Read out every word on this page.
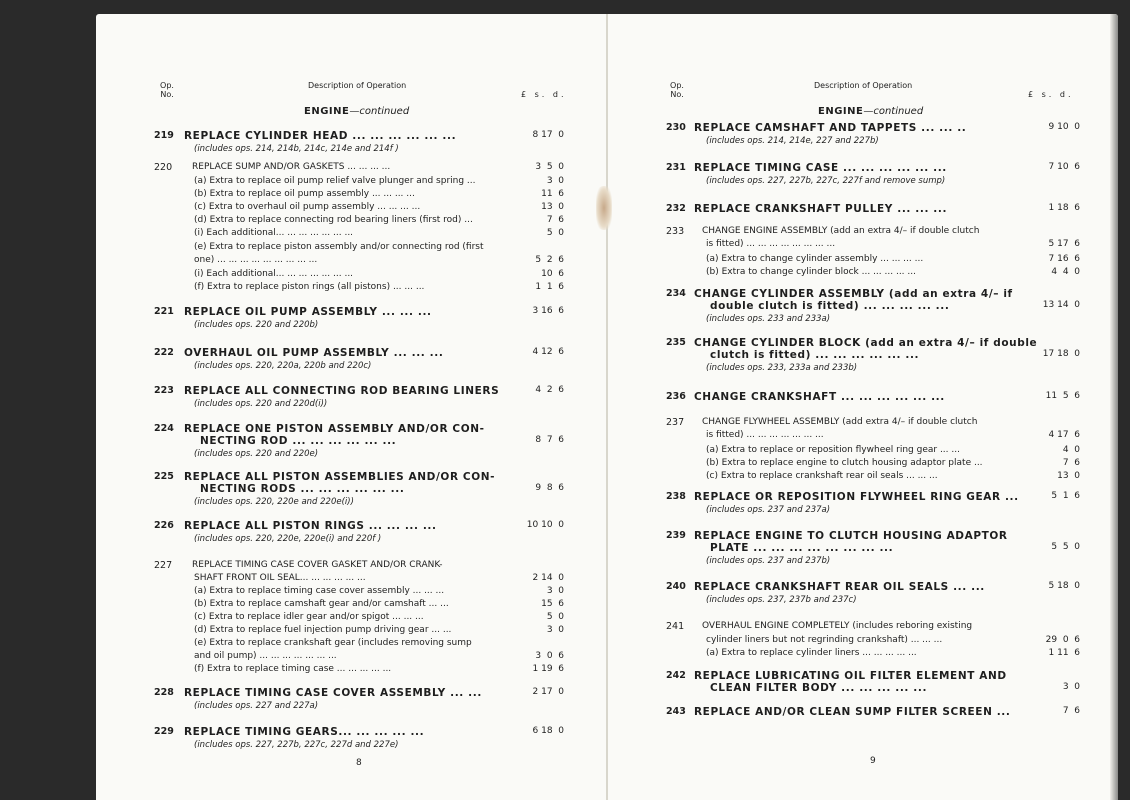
Op.
No.
Description of Operation
£ s. d.
ENGINE—continued
8
219 REPLACE CYLINDER HEAD ... ... ... ... ... ...	8 17  0
(includes ops. 214, 214b, 214c, 214e and 214f )
220 REPLACE SUMP AND/OR GASKETS ... ... ... ...	3  5  0
(a) Extra to replace oil pump relief valve plunger and spring ...	3  0
(b) Extra to replace oil pump assembly ... ... ... ...	11  6
(c) Extra to overhaul oil pump assembly ... ... ... ...	13  0
(d) Extra to replace connecting rod bearing liners (first rod) ...	7  6
(i) Each additional... ... ... ... ... ... ...	5  0
(e) Extra to replace piston assembly and/or connecting rod (first
one) ... ... ... ... ... ... ... ... ...	5  2  6
(i) Each additional... ... ... ... ... ... ...	10  6
(f) Extra to replace piston rings (all pistons) ... ... ...	1  1  6
221 REPLACE OIL PUMP ASSEMBLY ... ... ...	3 16  6
(includes ops. 220 and 220b)
222 OVERHAUL OIL PUMP ASSEMBLY ... ... ...	4 12  6
(includes ops. 220, 220a, 220b and 220c)
223 REPLACE ALL CONNECTING ROD BEARING LINERS	4  2  6
(includes ops. 220 and 220d(i))
224 REPLACE ONE PISTON ASSEMBLY AND/OR CON-
NECTING ROD ... ... ... ... ... ...	8  7  6
(includes ops. 220 and 220e)
225 REPLACE ALL PISTON ASSEMBLIES AND/OR CON-
NECTING RODS ... ... ... ... ... ...	9  8  6
(includes ops. 220, 220e and 220e(i))
226 REPLACE ALL PISTON RINGS ... ... ... ...	10 10  0
(includes ops. 220, 220e, 220e(i) and 220f )
227 REPLACE TIMING CASE COVER GASKET AND/OR CRANK-
SHAFT FRONT OIL SEAL... ... ... ... ... ...	2 14  0
(a) Extra to replace timing case cover assembly ... ... ...	3  0
(b) Extra to replace camshaft gear and/or camshaft ... ...	15  6
(c) Extra to replace idler gear and/or spigot ... ... ...	5  0
(d) Extra to replace fuel injection pump driving gear ... ...	3  0
(e) Extra to replace crankshaft gear (includes removing sump
and oil pump) ... ... ... ... ... ... ...	3  0  6
(f) Extra to replace timing case ... ... ... ... ...	1 19  6
228 REPLACE TIMING CASE COVER ASSEMBLY ... ...	2 17  0
(includes ops. 227 and 227a)
229 REPLACE TIMING GEARS... ... ... ... ...	6 18  0
(includes ops. 227, 227b, 227c, 227d and 227e)
Op.
No.
Description of Operation
£ s. d.
ENGINE—continued
9
230 REPLACE CAMSHAFT AND TAPPETS ... ... ..	9 10  0
(includes ops. 214, 214e, 227 and 227b)
231 REPLACE TIMING CASE ... ... ... ... ... ...	7 10  6
(includes ops. 227, 227b, 227c, 227f and remove sump)
232 REPLACE CRANKSHAFT PULLEY ... ... ...	1 18  6
233 CHANGE ENGINE ASSEMBLY (add an extra 4/– if double clutch
is fitted) ... ... ... ... ... ... ... ...	5 17  6
(a) Extra to change cylinder assembly ... ... ... ...	7 16  6
(b) Extra to change cylinder block ... ... ... ... ...	4  4  0
234 CHANGE CYLINDER ASSEMBLY (add an extra 4/– if
double clutch is fitted) ... ... ... ... ...	13 14  0
(includes ops. 233 and 233a)
235 CHANGE CYLINDER BLOCK (add an extra 4/– if double
clutch is fitted) ... ... ... ... ... ...	17 18  0
(includes ops. 233, 233a and 233b)
236 CHANGE CRANKSHAFT ... ... ... ... ... ...	11  5  6
237 CHANGE FLYWHEEL ASSEMBLY (add extra 4/– if double clutch
is fitted) ... ... ... ... ... ... ...	4 17  6
(a) Extra to replace or reposition flywheel ring gear ... ...	4  0
(b) Extra to replace engine to clutch housing adaptor plate ...	7  6
(c) Extra to replace crankshaft rear oil seals ... ... ...	13  0
238 REPLACE OR REPOSITION FLYWHEEL RING GEAR ...	5  1  6
(includes ops. 237 and 237a)
239 REPLACE ENGINE TO CLUTCH HOUSING ADAPTOR
PLATE ... ... ... ... ... ... ... ...	5  5  0
(includes ops. 237 and 237b)
240 REPLACE CRANKSHAFT REAR OIL SEALS ... ...	5 18  0
(includes ops. 237, 237b and 237c)
241 OVERHAUL ENGINE COMPLETELY (includes reboring existing
cylinder liners but not regrinding crankshaft) ... ... ...	29  0  6
(a) Extra to replace cylinder liners ... ... ... ... ...	1 11  6
242 REPLACE LUBRICATING OIL FILTER ELEMENT AND
CLEAN FILTER BODY ... ... ... ... ...	3  0
243 REPLACE AND/OR CLEAN SUMP FILTER SCREEN ...	7  6
